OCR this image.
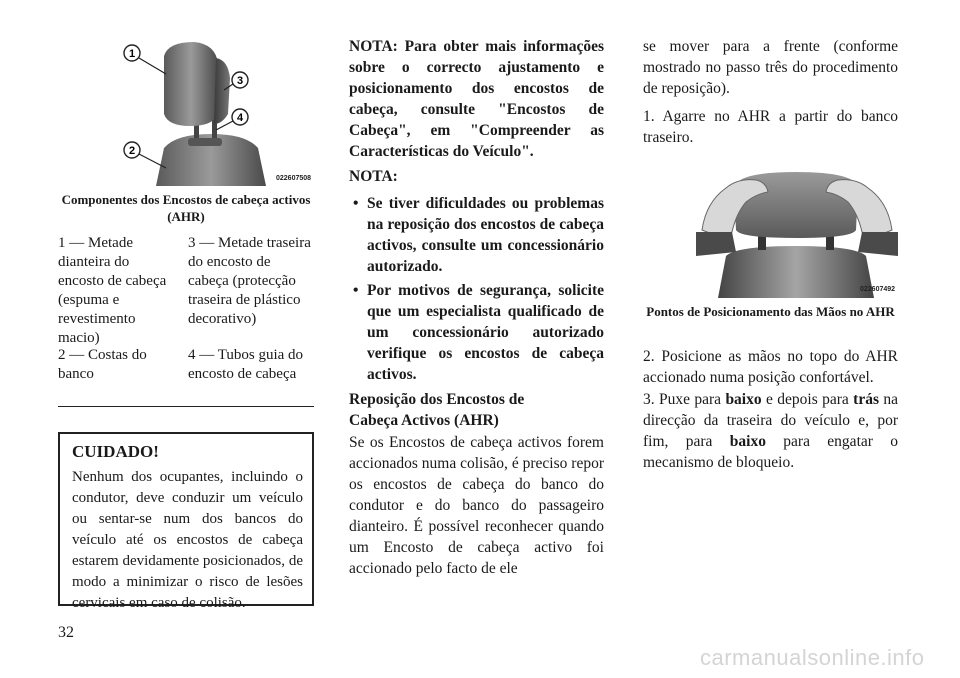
1
2
3
4
022607508
Componentes dos Encostos de cabeça activos (AHR)
1 — Metade dianteira do encosto de cabeça (espuma e revestimento macio)
3 — Metade traseira do encosto de cabeça (protecção traseira de plástico decorativo)
2 — Costas do banco
4 — Tubos guia do encosto de cabeça
CUIDADO!
Nenhum dos ocupantes, incluindo o condutor, deve conduzir um veículo ou sentar-se num dos bancos do veículo até os encostos de cabeça estarem devidamente posicionados, de modo a minimizar o risco de lesões cervicais em caso de colisão.
32
NOTA: Para obter mais informações sobre o correcto ajustamento e posicionamento dos encostos de cabeça, consulte "Encostos de Cabeça", em "Compreender as Características do Veículo".
NOTA:
• Se tiver dificuldades ou problemas na reposição dos encostos de cabeça activos, consulte um concessionário autorizado.
• Por motivos de segurança, solicite que um especialista qualificado de um concessionário autorizado verifique os encostos de cabeça activos.
Reposição dos Encostos de Cabeça Activos (AHR)
Se os Encostos de cabeça activos forem accionados numa colisão, é preciso repor os encostos de cabeça do banco do condutor e do banco do passageiro dianteiro. É possível reconhecer quando um Encosto de cabeça activo foi accionado pelo facto de ele
se mover para a frente (conforme mostrado no passo três do procedimento de reposição).
1. Agarre no AHR a partir do banco traseiro.
022607492
Pontos de Posicionamento das Mãos no AHR
2. Posicione as mãos no topo do AHR accionado numa posição confortável.
3. Puxe para baixo e depois para trás na direcção da traseira do veículo e, por fim, para baixo para engatar o mecanismo de bloqueio.
carmanualsonline.info
